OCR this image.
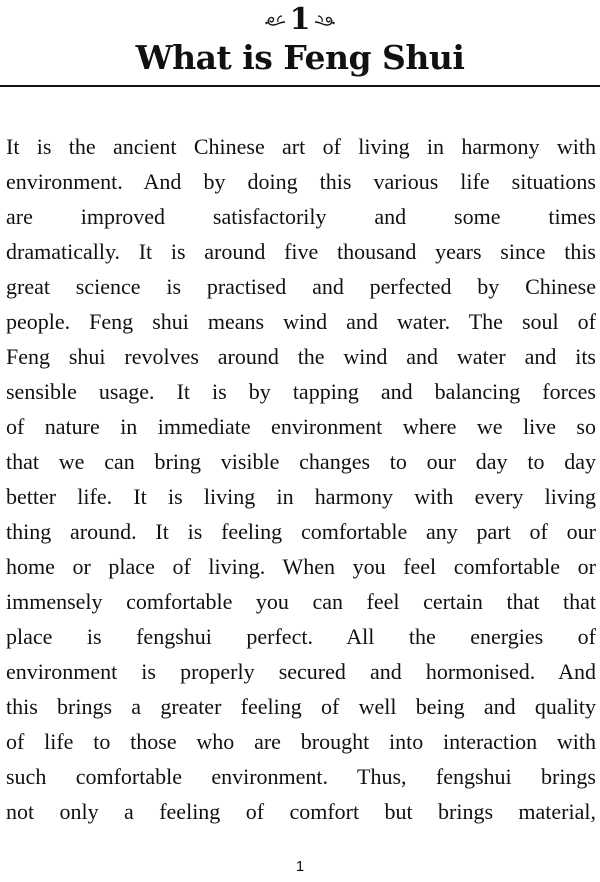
1
What is Feng Shui
It is the ancient Chinese art of living in harmony with
environment. And by doing this various life situations
are improved satisfactorily and some times
dramatically. It is around five thousand years since this
great science is practised and perfected by Chinese
people. Feng shui means wind and water. The soul of
Feng shui revolves around the wind and water and its
sensible usage. It is by tapping and balancing forces
of nature in immediate environment where we live so
that we can bring visible changes to our day to day
better life. It is living in harmony with every living
thing around. It is feeling comfortable any part of our
home or place of living. When you feel comfortable or
immensely comfortable you can feel certain that that
place is fengshui perfect. All the energies of
environment is properly secured and hormonised. And
this brings a greater feeling of well being and quality
of life to those who are brought into interaction with
such comfortable environment. Thus, fengshui brings
not only a feeling of comfort but brings material,
1
